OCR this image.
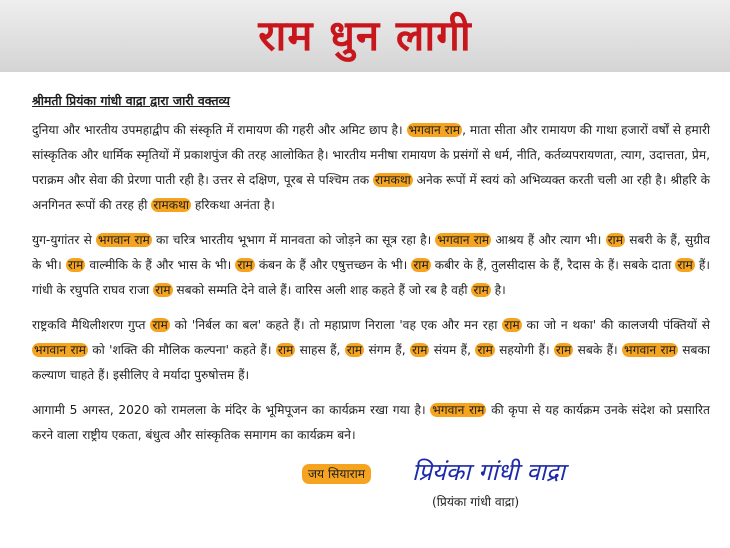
राम धुन लागी
श्रीमती प्रियंका गांधी वाद्रा द्वारा जारी वक्तव्य

दुनिया और भारतीय उपमहाद्वीप की संस्कृति में रामायण की गहरी और अमिट छाप है। भगवान राम , माता सीता और रामायण की गाथा हजारों वर्षों से हमारी सांस्कृतिक और धार्मिक स्मृतियों में प्रकाशपुंज की तरह आलोकित है। भारतीय मनीषा रामायण के प्रसंगों से धर्म, नीति, कर्तव्यपरायणता, त्याग, उदात्तता, प्रेम, पराक्रम और सेवा की प्रेरणा पाती रही है। उत्तर से दक्षिण, पूरब से पश्चिम तक रामकथा अनेक रूपों में स्वयं को अभिव्यक्त करती चली आ रही है। श्रीहरि के अनगिनत रूपों की तरह ही रामकथा हरिकथा अनंता है।

युग-युगांतर से भगवान राम का चरित्र भारतीय भूभाग में मानवता को जोड़ने का सूत्र रहा है। भगवान राम आश्रय हैं और त्याग भी। राम सबरी के हैं, सुग्रीव के भी। राम वाल्मीकि के हैं और भास के भी। राम कंबन के हैं और एषुत्तच्छन के भी। राम कबीर के हैं, तुलसीदास के हैं, रैदास के हैं। सबके दाता राम हैं। गांधी के रघुपति राघव राजा राम सबको सम्मति देने वाले हैं। वारिस अली शाह कहते हैं जो रब है वही राम है।

राष्ट्रकवि मैथिलीशरण गुप्त राम को 'निर्बल का बल' कहते हैं। तो महाप्राण निराला 'वह एक और मन रहा राम का जो न थका' की कालजयी पंक्तियों से भगवान राम को 'शक्ति की मौलिक कल्पना' कहते हैं। राम साहस हैं, राम संगम हैं, राम संयम हैं, राम सहयोगी हैं। राम सबके हैं। भगवान राम सबका कल्याण चाहते हैं। इसीलिए वे मर्यादा पुरुषोत्तम हैं।

आगामी 5 अगस्त, 2020 को रामलला के मंदिर के भूमिपूजन का कार्यक्रम रखा गया है। भगवान राम की कृपा से यह कार्यक्रम उनके संदेश को प्रसारित करने वाला राष्ट्रीय एकता, बंधुत्व और सांस्कृतिक समागम का कार्यक्रम बने।

जय सियाराम प्रियंका गांधी वाद्रा
(प्रियंका गांधी वाद्रा)
